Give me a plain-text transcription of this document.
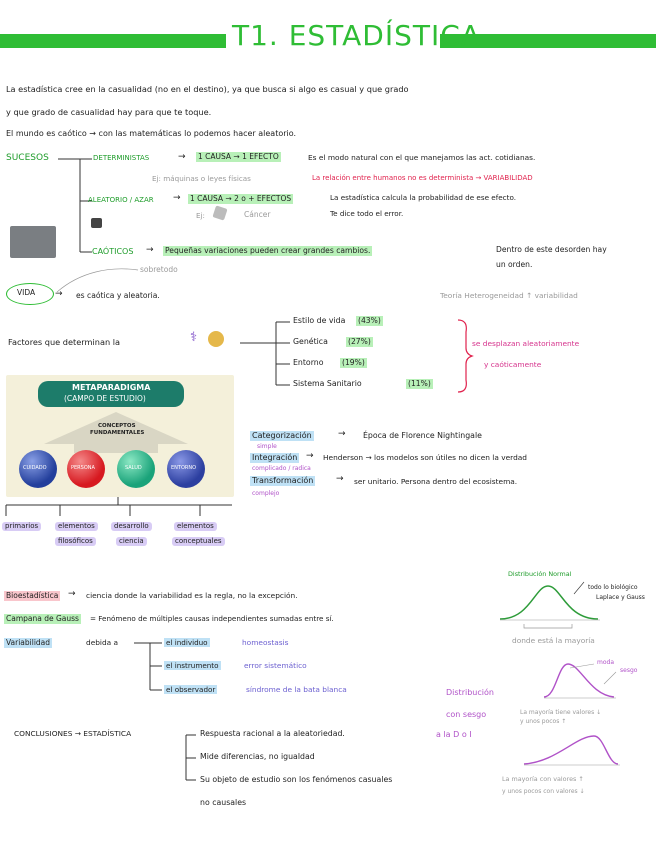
T1. ESTADÍSTICA
La estadística cree en la casualidad (no en el destino), ya que busca si algo es casual y que grado
y que grado de casualidad hay para que te toque.
El mundo es caótico → con las matemáticas lo podemos hacer aleatorio.
SUCESOS	DETERMINISTAS	→ 1 CAUSA → 1 EFECTO	Es el modo natural con el que manejamos las act. cotidianas.
Ej: máquinas o leyes físicas	La relación entre humanos no es determinista → VARIABILIDAD
ALEATORIO / AZAR → 1 CAUSA → 2 o + EFECTOS	La estadística calcula la probabilidad de ese efecto.
Ej:	Cáncer	Te dice todo el error.
CAÓTICOS → Pequeñas variaciones pueden crear grandes cambios.	Dentro de este desorden hay
un orden.
VIDA → es caótica y aleatoria.
sobretodo
Teoría Heterogeneidad ↑ variabilidad
Factores que determinan la	⚕
Estilo de vida (43%)
Genética	(27%)
Entorno (19%)
Sistema Sanitario	(11%)
se desplazan aleatoriamente
y caóticamente
METAPARADIGMA
(CAMPO DE ESTUDIO)
CONCEPTOS
FUNDAMENTALES
CUIDADO	PERSONA	SALUD	ENTORNO
primarios	elementos	desarrollo	elementos
filosóficos	ciencia	conceptuales
Categorización	→ Época de Florence Nightingale
simple
Integración → Henderson → los modelos son útiles no dicen la verdad
complicado / radica
Transformación	→ ser unitario. Persona dentro del ecosistema.
complejo
Bioestadística → ciencia donde la variabilidad es la regla, no la excepción.
Campana de Gauss = Fenómeno de múltiples causas independientes sumadas entre sí.
Variabilidad	debida a	el individuo	homeostasis
el instrumento	error sistemático
el observador	síndrome de la bata blanca
Distribución Normal
todo lo biológico
Laplace y Gauss
donde está la mayoría
moda
sesgo
Distribución
con sesgo
a la D o I
La mayoría tiene valores ↓
y unos pocos ↑
La mayoría con valores ↑
y unos pocos con valores ↓
CONCLUSIONES → ESTADÍSTICA	Respuesta racional a la aleatoriedad.
Mide diferencias, no igualdad
Su objeto de estudio son los fenómenos casuales
no causales
